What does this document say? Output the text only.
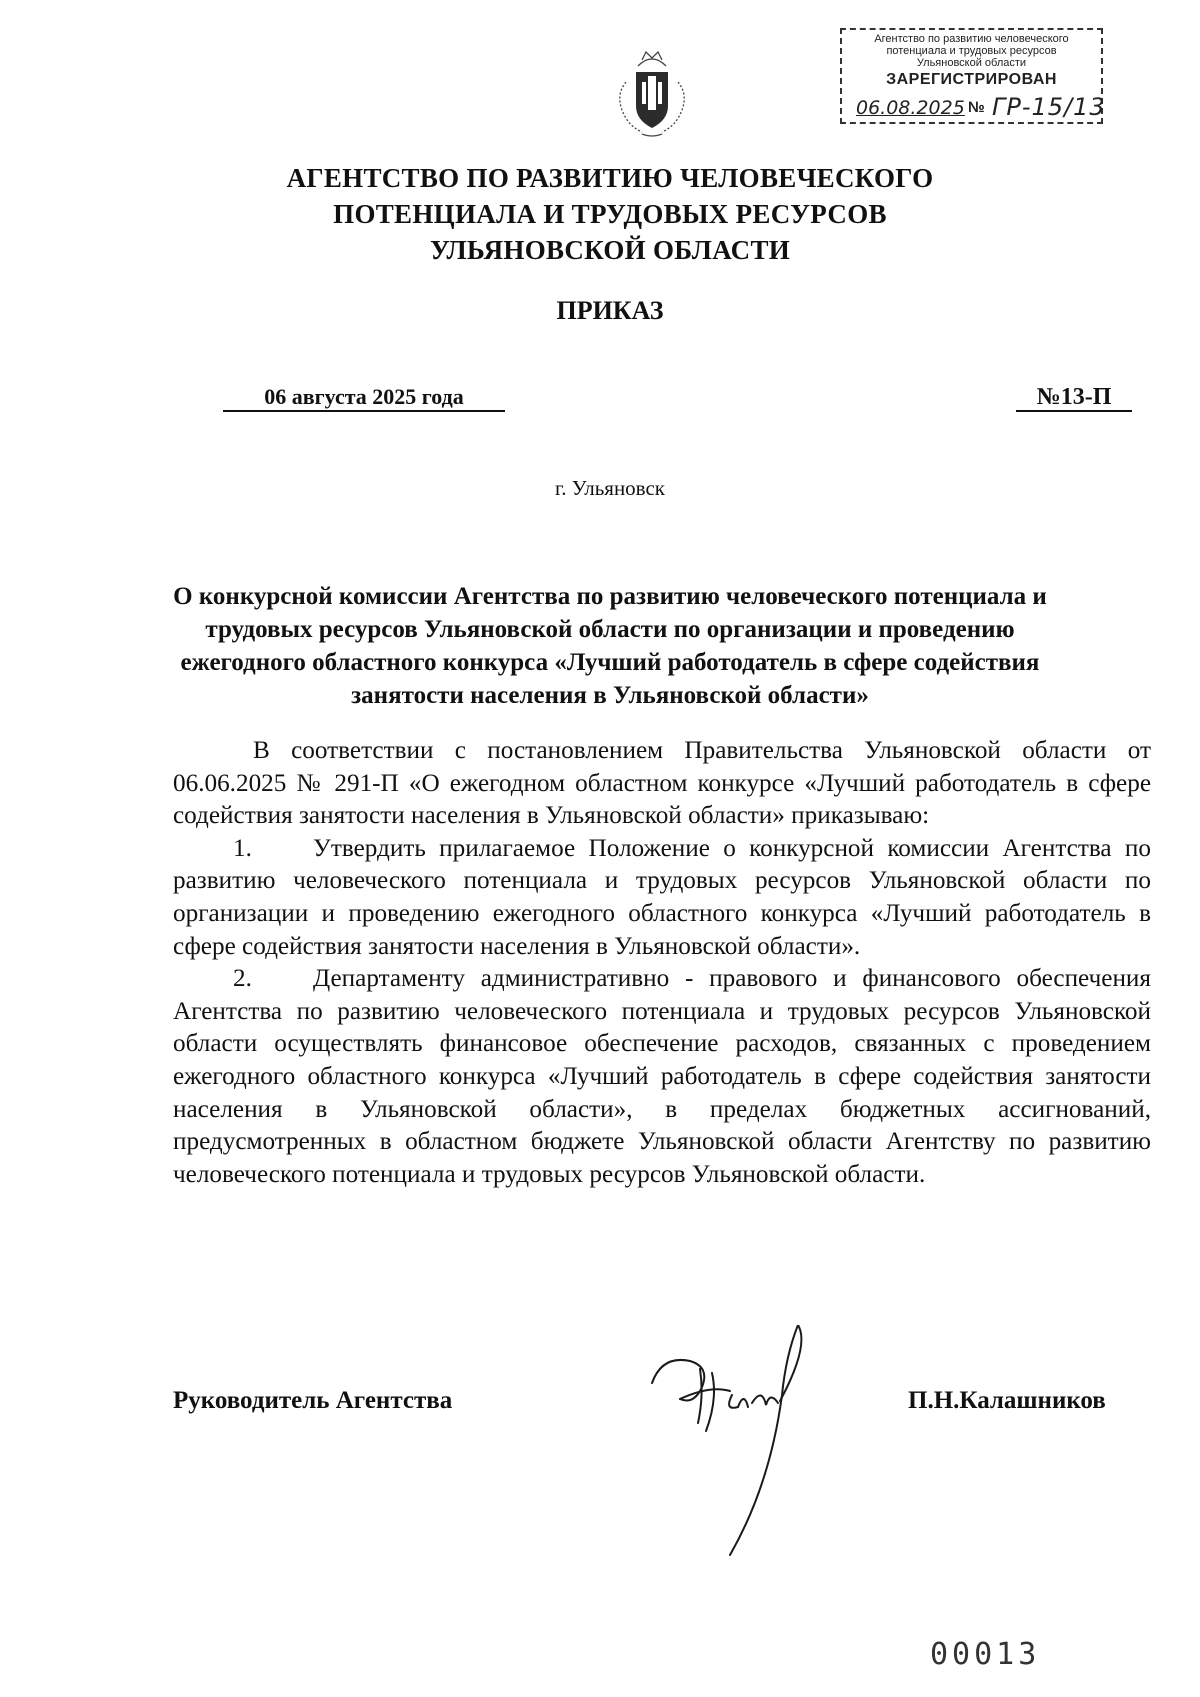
Агентство по развитию человеческого
потенциала и трудовых ресурсов
Ульяновской области
ЗАРЕГИСТРИРОВАН
06.08.2025 № ГР-15/13
АГЕНТСТВО ПО РАЗВИТИЮ ЧЕЛОВЕЧЕСКОГО
ПОТЕНЦИАЛА И ТРУДОВЫХ РЕСУРСОВ
УЛЬЯНОВСКОЙ ОБЛАСТИ
ПРИКАЗ
06 августа 2025 года	№13-П
г. Ульяновск
О конкурсной комиссии Агентства по развитию человеческого потенциала и трудовых ресурсов Ульяновской области по организации и проведению ежегодного областного конкурса «Лучший работодатель в сфере содействия занятости населения в Ульяновской области»

В соответствии с постановлением Правительства Ульяновской области от 06.06.2025 № 291-П «О ежегодном областном конкурсе «Лучший работодатель в сфере содействия занятости населения в Ульяновской области» приказываю:

1. Утвердить прилагаемое Положение о конкурсной комиссии Агентства по развитию человеческого потенциала и трудовых ресурсов Ульяновской области по организации и проведению ежегодного областного конкурса «Лучший работодатель в сфере содействия занятости населения в Ульяновской области».

2. Департаменту административно - правового и финансового обеспечения Агентства по развитию человеческого потенциала и трудовых ресурсов Ульяновской области осуществлять финансовое обеспечение расходов, связанных с проведением ежегодного областного конкурса «Лучший работодатель в сфере содействия занятости населения в Ульяновской области», в пределах бюджетных ассигнований, предусмотренных в областном бюджете Ульяновской области Агентству по развитию человеческого потенциала и трудовых ресурсов Ульяновской области.

Руководитель Агентства	П.Н.Калашников
00013
